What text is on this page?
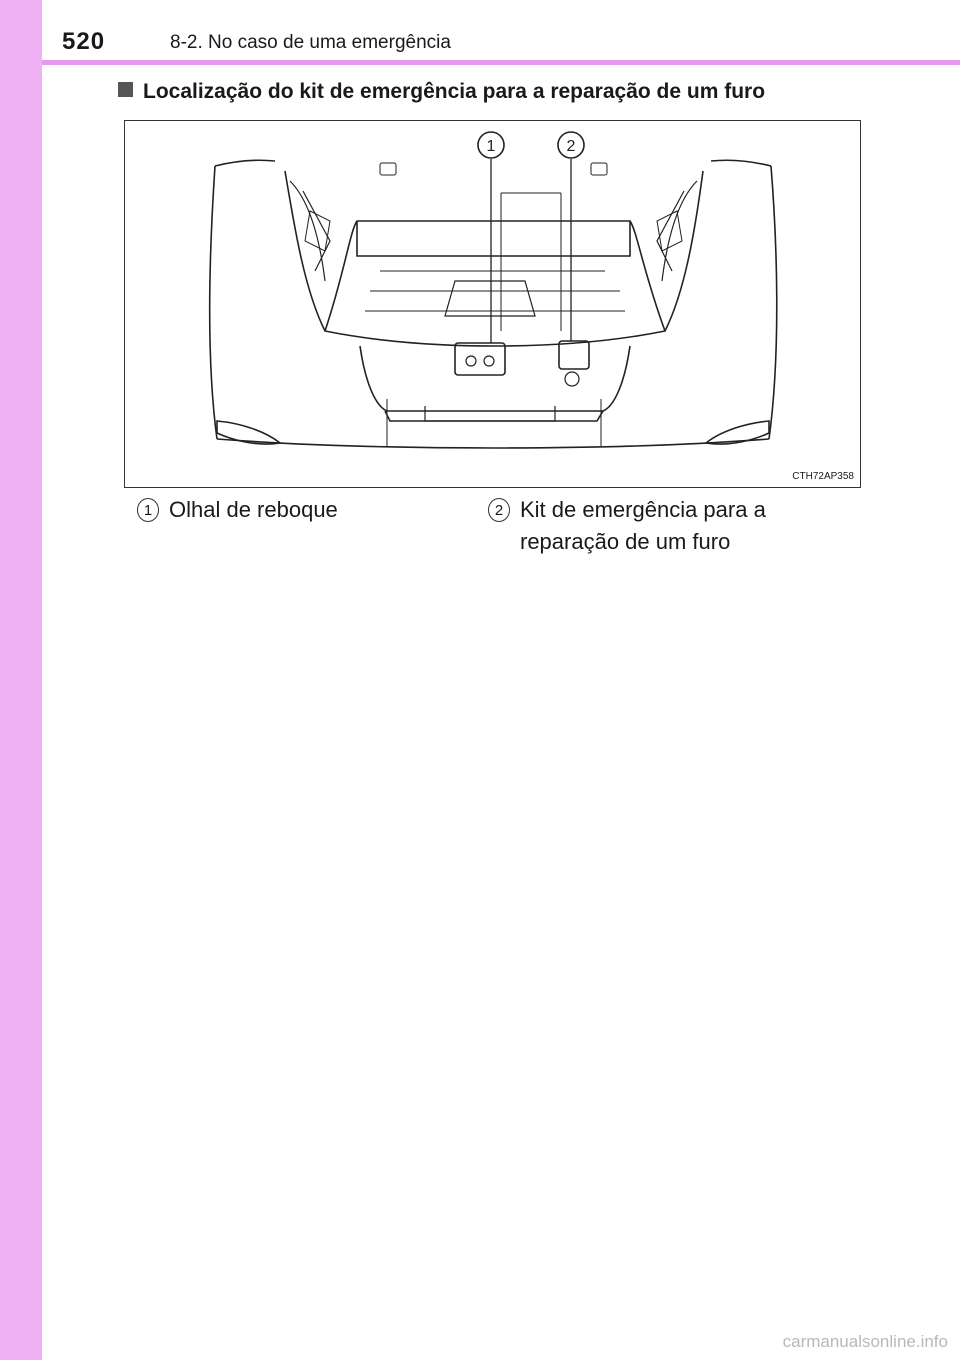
520	8-2. No caso de uma emergência
Localização do kit de emergência para a reparação de um furo
1	2
CTH72AP358
1 Olhal de reboque	2 Kit de emergência para a reparação de um furo
carmanualsonline.info
